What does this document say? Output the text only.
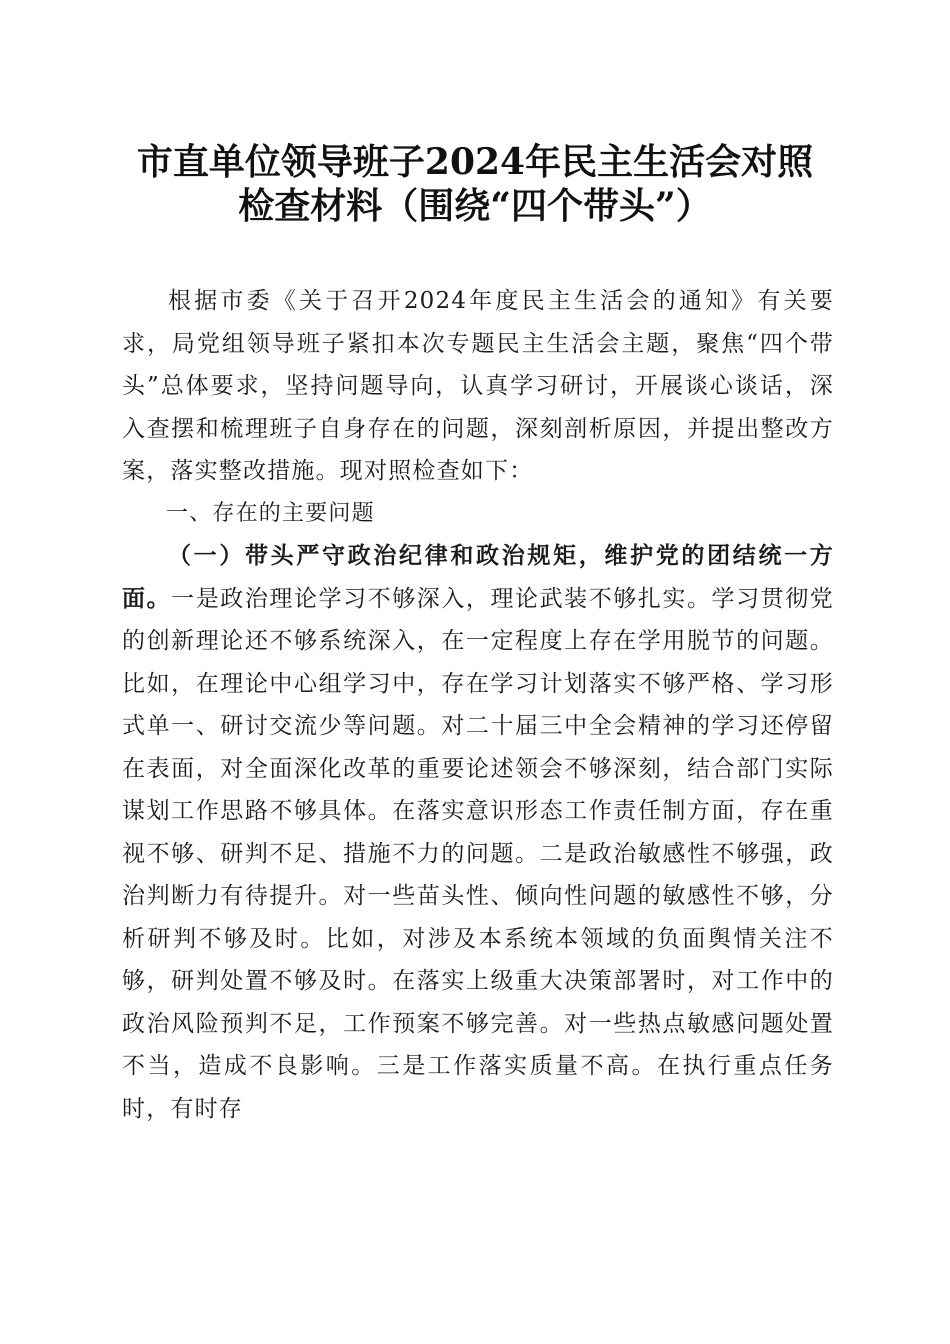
市直单位领导班子2024年民主生活会对照检查材料（围绕“四个带头”）

根据市委《关于召开2024年度民主生活会的通知》有关要求，局党组领导班子紧扣本次专题民主生活会主题，聚焦“四个带头”总体要求，坚持问题导向，认真学习研讨，开展谈心谈话，深入查摆和梳理班子自身存在的问题，深刻剖析原因，并提出整改方案，落实整改措施。现对照检查如下：

一、存在的主要问题

（一）带头严守政治纪律和政治规矩，维护党的团结统一方面。一是政治理论学习不够深入，理论武装不够扎实。学习贯彻党的创新理论还不够系统深入，在一定程度上存在学用脱节的问题。比如，在理论中心组学习中，存在学习计划落实不够严格、学习形式单一、研讨交流少等问题。对二十届三中全会精神的学习还停留在表面，对全面深化改革的重要论述领会不够深刻，结合部门实际谋划工作思路不够具体。在落实意识形态工作责任制方面，存在重视不够、研判不足、措施不力的问题。二是政治敏感性不够强，政治判断力有待提升。对一些苗头性、倾向性问题的敏感性不够，分析研判不够及时。比如，对涉及本系统本领域的负面舆情关注不够，研判处置不够及时。在落实上级重大决策部署时，对工作中的政治风险预判不足，工作预案不够完善。对一些热点敏感问题处置不当，造成不良影响。三是工作落实质量不高。在执行重点任务时，有时存
